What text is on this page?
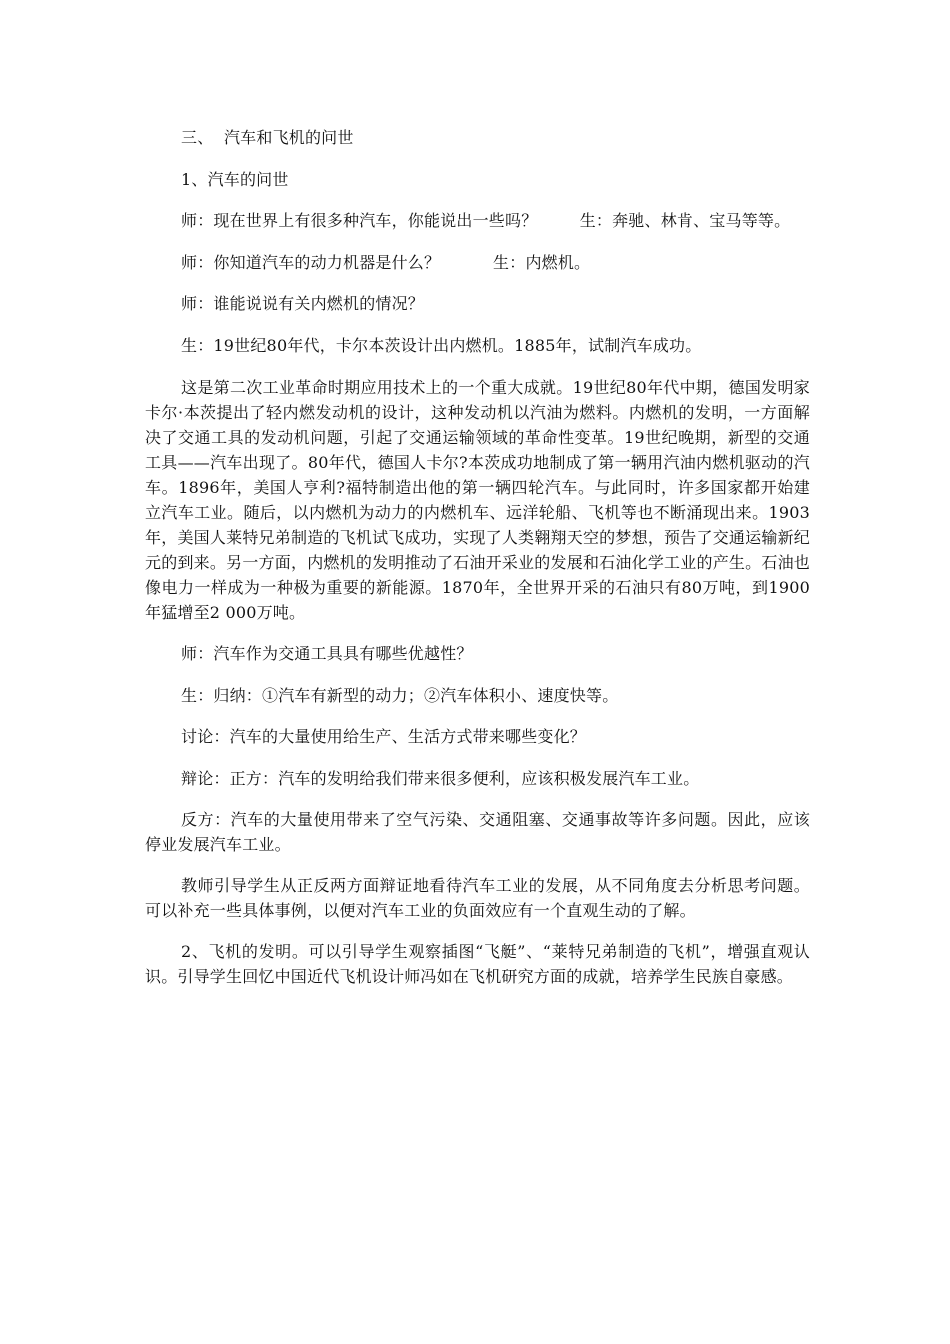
三、  汽车和飞机的问世

1、汽车的问世

师：现在世界上有很多种汽车，你能说出一些吗？        生：奔驰、林肯、宝马等等。

师：你知道汽车的动力机器是什么？          生：内燃机。

师：谁能说说有关内燃机的情况？

生：19世纪80年代，卡尔本茨设计出内燃机。1885年，试制汽车成功。

这是第二次工业革命时期应用技术上的一个重大成就。19世纪80年代中期，德国发明家卡尔·本茨提出了轻内燃发动机的设计，这种发动机以汽油为燃料。内燃机的发明，一方面解决了交通工具的发动机问题，引起了交通运输领域的革命性变革。19世纪晚期，新型的交通工具——汽车出现了。80年代，德国人卡尔?本茨成功地制成了第一辆用汽油内燃机驱动的汽车。1896年，美国人亨利?福特制造出他的第一辆四轮汽车。与此同时，许多国家都开始建立汽车工业。随后，以内燃机为动力的内燃机车、远洋轮船、飞机等也不断涌现出来。1903年，美国人莱特兄弟制造的飞机试飞成功，实现了人类翱翔天空的梦想，预告了交通运输新纪元的到来。另一方面，内燃机的发明推动了石油开采业的发展和石油化学工业的产生。石油也像电力一样成为一种极为重要的新能源。1870年，全世界开采的石油只有80万吨，到1900年猛增至2 000万吨。

师：汽车作为交通工具具有哪些优越性？

生：归纳：①汽车有新型的动力；②汽车体积小、速度快等。

讨论：汽车的大量使用给生产、生活方式带来哪些变化？

辩论：正方：汽车的发明给我们带来很多便利，应该积极发展汽车工业。

反方：汽车的大量使用带来了空气污染、交通阻塞、交通事故等许多问题。因此，应该停业发展汽车工业。

教师引导学生从正反两方面辩证地看待汽车工业的发展，从不同角度去分析思考问题。可以补充一些具体事例，以便对汽车工业的负面效应有一个直观生动的了解。

2、飞机的发明。可以引导学生观察插图“飞艇”、“莱特兄弟制造的飞机”，增强直观认识。引导学生回忆中国近代飞机设计师冯如在飞机研究方面的成就，培养学生民族自豪感。
